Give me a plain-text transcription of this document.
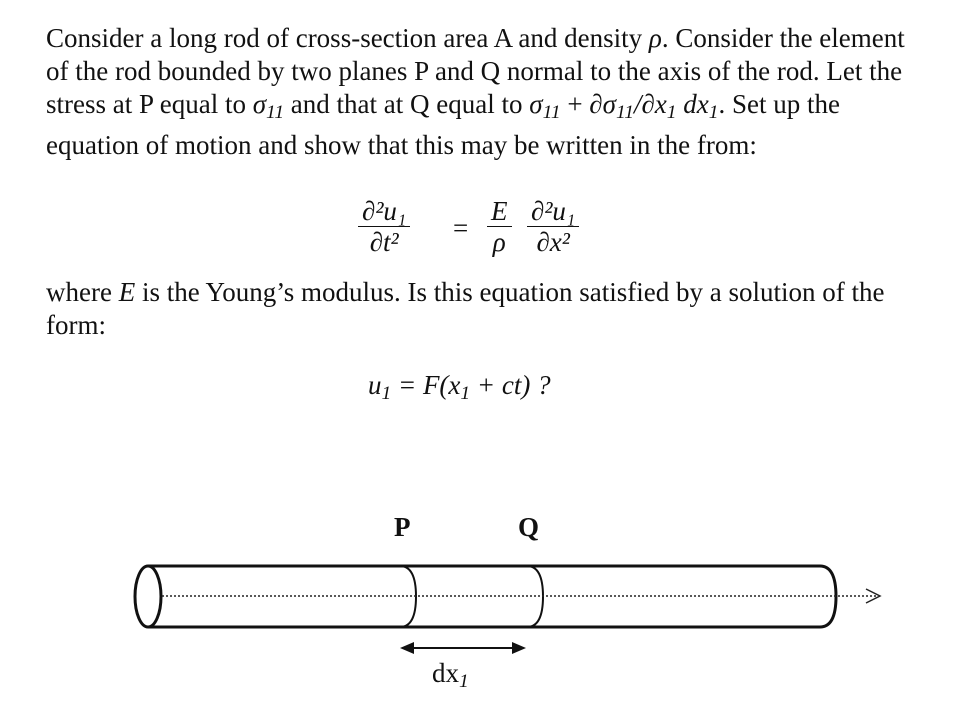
Consider a long rod of cross-section area A and density ρ. Consider the element
of the rod bounded by two planes P and Q normal to the axis of the rod. Let the
stress at P equal to $\sigma_{11}$ and that at Q equal to $\sigma_{11} + \partial\sigma_{11}/\partial x_1$ $dx_1$. Set up the
equation of motion and show that this may be written in the from:
$\frac{\text{∂²u₁}}{\text{∂t²}} = \frac{E}{\rho} \frac{\text{∂²u₁}}{\text{∂x²}}$
where E is the Young’s modulus. Is this equation satisfied by a solution of the
form:
$u_1 = F(x_1 + ct)$ ?
P	Q
$dx_1$
